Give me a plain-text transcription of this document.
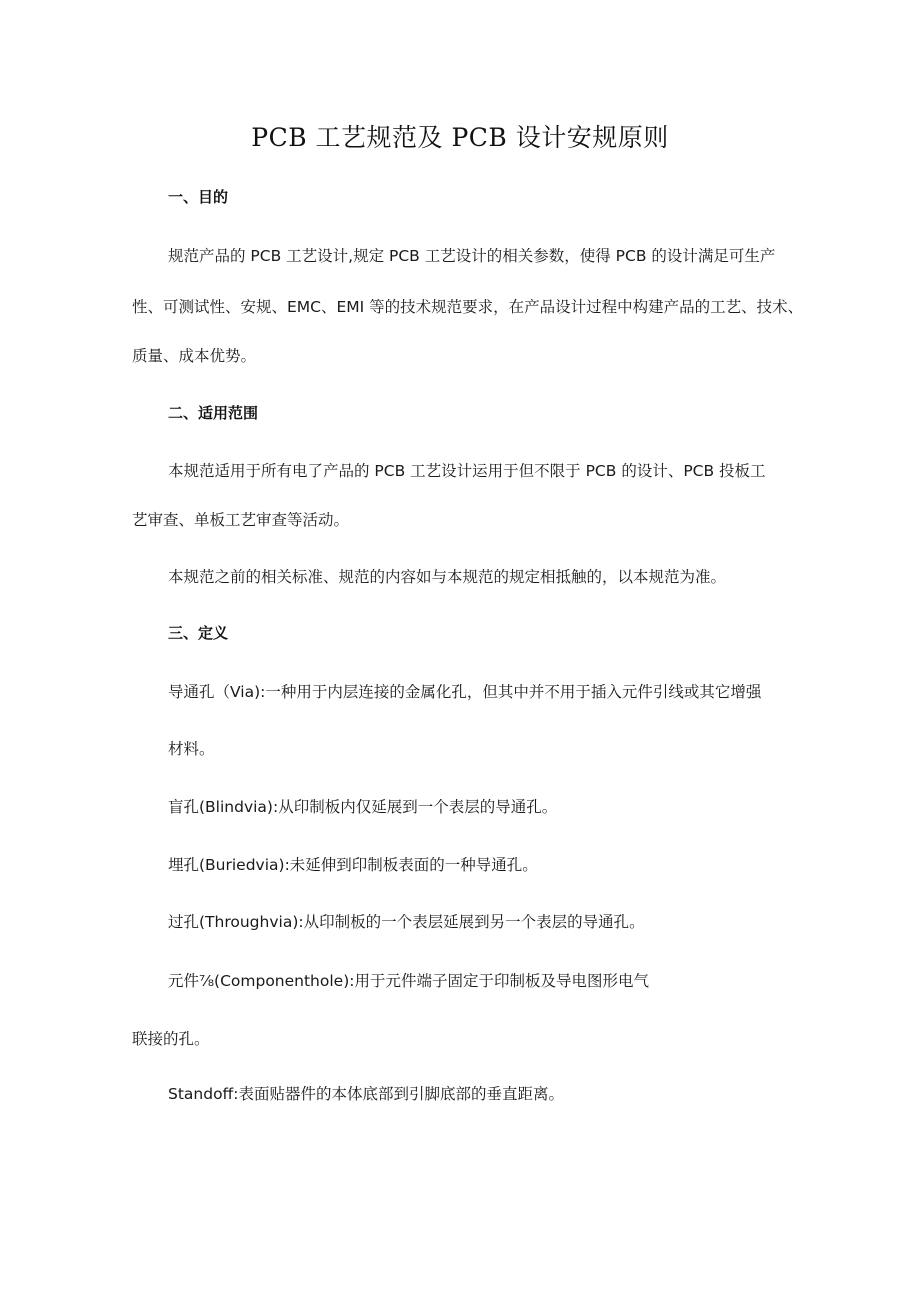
PCB 工艺规范及 PCB 设计安规原则
一、目的
规范产品的 PCB 工艺设计,规定 PCB 工艺设计的相关参数，使得 PCB 的设计满足可生产
性、可测试性、安规、EMC、EMI 等的技术规范要求，在产品设计过程中构建产品的工艺、技术、
质量、成本优势。
二、适用范围
本规范适用于所有电了产品的 PCB 工艺设计运用于但不限于 PCB 的设计、PCB 投板工
艺审查、单板工艺审查等活动。
本规范之前的相关标准、规范的内容如与本规范的规定相抵触的，以本规范为准。
三、定义
导通孔（Via):一种用于内层连接的金属化孔，但其中并不用于插入元件引线或其它增强
材料。
盲孔(Blindvia):从印制板内仅延展到一个表层的导通孔。
埋孔(Buriedvia):未延伸到印制板表面的一种导通孔。
过孔(Throughvia):从印制板的一个表层延展到另一个表层的导通孔。
元件⅞(Componenthole):用于元件端子固定于印制板及导电图形电气
联接的孔。
Standoff:表面贴器件的本体底部到引脚底部的垂直距离。
